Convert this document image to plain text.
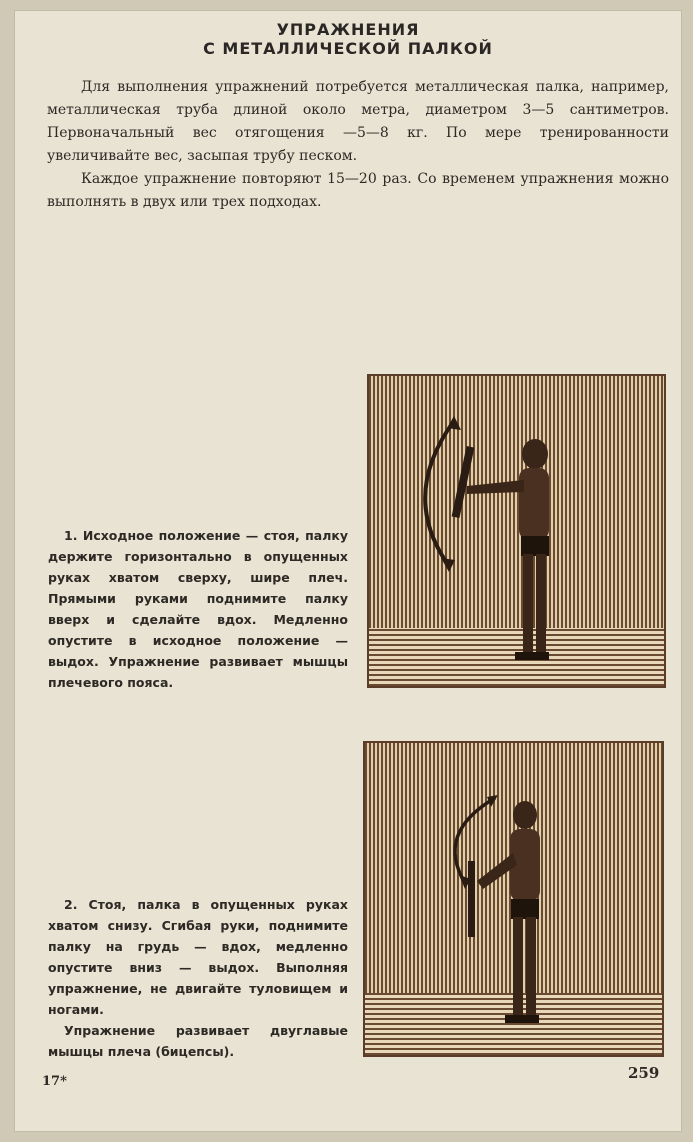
УПРАЖНЕНИЯ
С МЕТАЛЛИЧЕСКОЙ ПАЛКОЙ

Для выполнения упражнений потребуется металлическая палка, например, металлическая труба длиной около метра, диаметром 3—5 сантиметров. Первоначальный вес отягощения —5—8 кг. По мере тренированности увеличивайте вес, засыпая трубу песком.

Каждое упражнение повторяют 15—20 раз. Со временем упражнения можно выполнять в двух или трех подходах.

1. Исходное положение — стоя, палку держите горизонтально в опущенных руках хватом сверху, шире плеч. Прямыми руками поднимите палку вверх и сделайте вдох. Медленно опустите в исходное положение — выдох. Упражнение развивает мышцы плечевого пояса.

2. Стоя, палка в опущенных руках хватом снизу. Сгибая руки, поднимите палку на грудь — вдох, медленно опустите вниз — выдох. Выполняя упражнение, не двигайте туловищем и ногами.

Упражнение развивает двуглавые мышцы плеча (бицепсы).

17*	259
